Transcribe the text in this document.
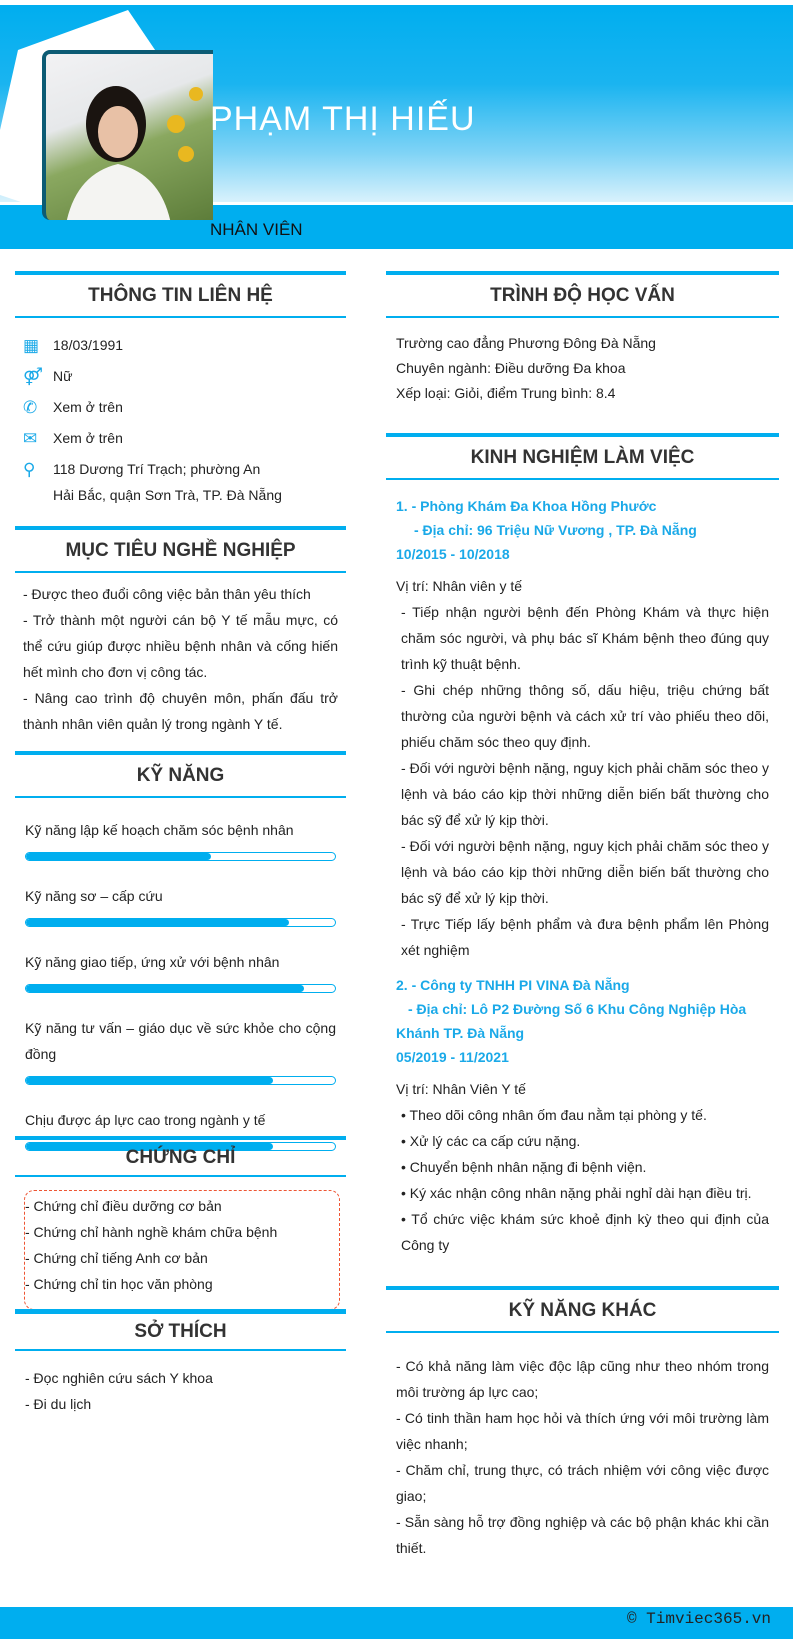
PHẠM THỊ HIẾU
NHÂN VIÊN
THÔNG TIN LIÊN HỆ
▦ 18/03/1991
⚤ Nữ
✆	Xem ở trên
✉	Xem ở trên
⚲	118 Dương Trí Trạch; phường An Hải Bắc, quận Sơn Trà, TP. Đà Nẵng
MỤC TIÊU NGHỀ NGHIỆP
- Được theo đuổi công việc bản thân yêu thích
- Trở thành một người cán bộ Y tế mẫu mực, có thể cứu giúp được nhiều bệnh nhân và cống hiến hết mình cho đơn vị công tác.
- Nâng cao trình độ chuyên môn, phấn đấu trở thành nhân viên quản lý trong ngành Y tế.
KỸ NĂNG
Kỹ năng lập kế hoạch chăm sóc bệnh nhân
Kỹ năng sơ – cấp cứu
Kỹ năng giao tiếp, ứng xử với bệnh nhân
Kỹ năng tư vấn – giáo dục về sức khỏe cho cộng đồng
Chịu được áp lực cao trong ngành y tế
CHỨNG CHỈ
- Chứng chỉ điều dưỡng cơ bản
- Chứng chỉ hành nghề khám chữa bệnh
- Chứng chỉ tiếng Anh cơ bản
- Chứng chỉ tin học văn phòng
SỞ THÍCH
- Đọc nghiên cứu sách Y khoa
- Đi du lịch
TRÌNH ĐỘ HỌC VẤN
Trường cao đẳng Phương Đông Đà Nẵng
Chuyên ngành: Điều dưỡng Đa khoa
Xếp loại: Giỏi, điểm Trung bình: 8.4
KINH NGHIỆM LÀM VIỆC
1. - Phòng Khám Đa Khoa Hồng Phước
- Địa chỉ: 96 Triệu Nữ Vương , TP. Đà Nẵng
10/2015 - 10/2018
Vị trí: Nhân viên y tế
- Tiếp nhận người bệnh đến Phòng Khám và thực hiện chăm sóc người, và phụ bác sĩ Khám bệnh theo đúng quy trình kỹ thuật bệnh.
- Ghi chép những thông số, dấu hiệu, triệu chứng bất thường của người bệnh và cách xử trí vào phiếu theo dõi, phiếu chăm sóc theo quy định.
- Đối với người bệnh nặng, nguy kịch phải chăm sóc theo y lệnh và báo cáo kịp thời những diễn biến bất thường cho bác sỹ để xử lý kịp thời.
- Đối với người bệnh nặng, nguy kịch phải chăm sóc theo y lệnh và báo cáo kịp thời những diễn biến bất thường cho bác sỹ để xử lý kịp thời.
- Trực Tiếp lấy bệnh phẩm và đưa bệnh phẩm lên Phòng xét nghiệm
2. - Công ty TNHH PI VINA Đà Nẵng
- Địa chỉ: Lô P2 Đường Số 6 Khu Công Nghiệp Hòa Khánh TP. Đà Nẵng
05/2019 - 11/2021
Vị trí: Nhân Viên Y tế
• Theo dõi công nhân ốm đau nằm tại phòng y tế.
• Xử lý các ca cấp cứu nặng.
• Chuyển bệnh nhân nặng đi bệnh viện.
• Ký xác nhận công nhân nặng phải nghỉ dài hạn điều trị.
• Tổ chức việc khám sức khoẻ định kỳ theo qui định của Công ty
KỸ NĂNG KHÁC
- Có khả năng làm việc độc lập cũng như theo nhóm trong môi trường áp lực cao;
- Có tinh thần ham học hỏi và thích ứng với môi trường làm việc nhanh;
- Chăm chỉ, trung thực, có trách nhiệm với công việc được giao;
- Sẵn sàng hỗ trợ đồng nghiệp và các bộ phận khác khi cần thiết.
© Timviec365.vn
